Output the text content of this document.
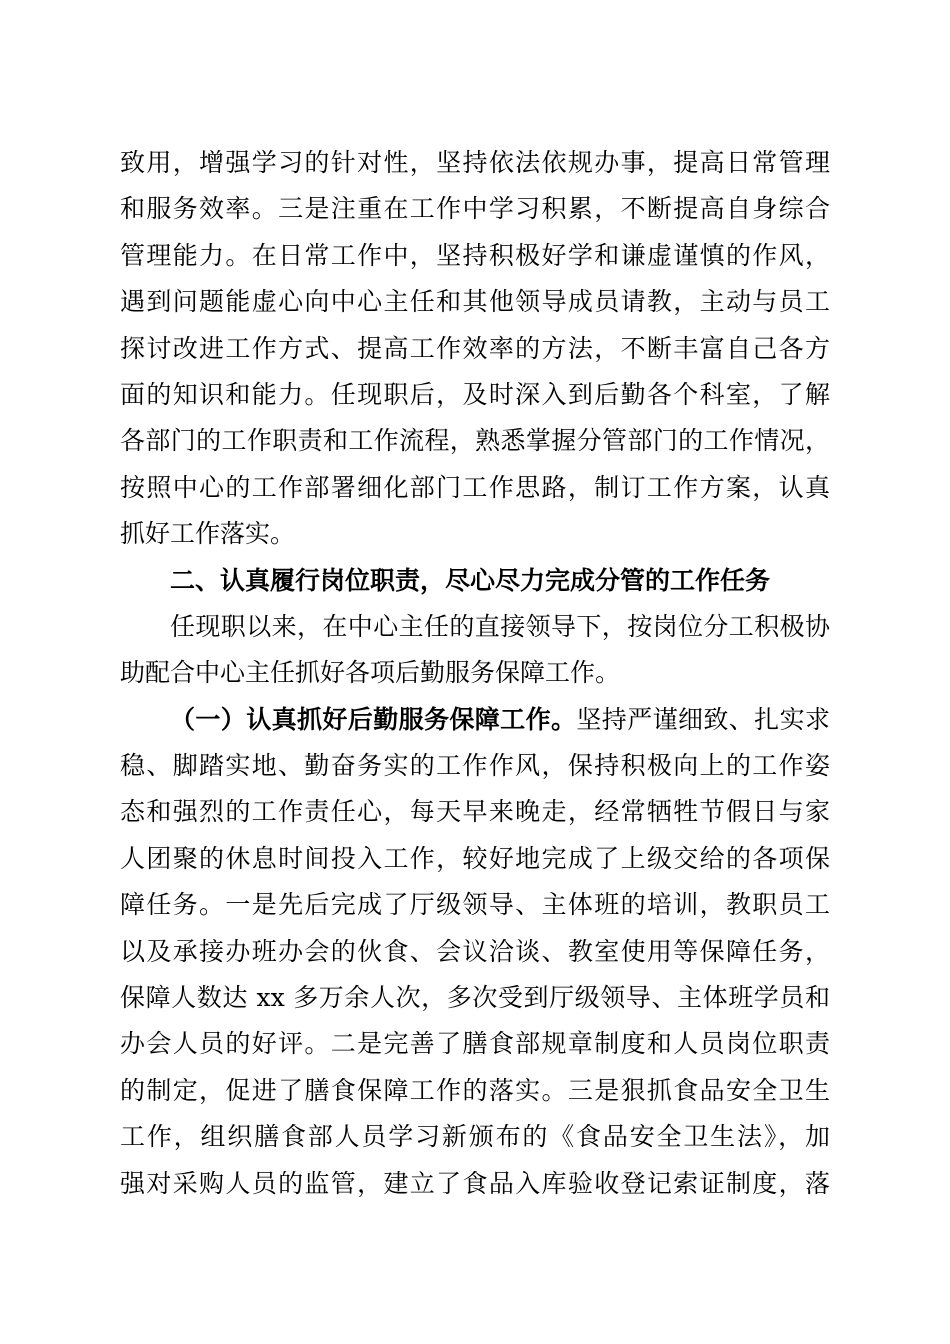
致用，增强学习的针对性，坚持依法依规办事，提高日常管理
和服务效率。三是注重在工作中学习积累，不断提高自身综合
管理能力。在日常工作中，坚持积极好学和谦虚谨慎的作风，
遇到问题能虚心向中心主任和其他领导成员请教，主动与员工
探讨改进工作方式、提高工作效率的方法，不断丰富自己各方
面的知识和能力。任现职后，及时深入到后勤各个科室，了解
各部门的工作职责和工作流程，熟悉掌握分管部门的工作情况，
按照中心的工作部署细化部门工作思路，制订工作方案，认真
抓好工作落实。
二、认真履行岗位职责，尽心尽力完成分管的工作任务
任现职以来，在中心主任的直接领导下，按岗位分工积极协
助配合中心主任抓好各项后勤服务保障工作。
（一）认真抓好后勤服务保障工作。坚持严谨细致、扎实求
稳、脚踏实地、勤奋务实的工作作风，保持积极向上的工作姿
态和强烈的工作责任心，每天早来晚走，经常牺牲节假日与家
人团聚的休息时间投入工作，较好地完成了上级交给的各项保
障任务。一是先后完成了厅级领导、主体班的培训，教职员工
以及承接办班办会的伙食、会议洽谈、教室使用等保障任务，
保障人数达 xx 多万余人次，多次受到厅级领导、主体班学员和
办会人员的好评。二是完善了膳食部规章制度和人员岗位职责
的制定，促进了膳食保障工作的落实。三是狠抓食品安全卫生
工作，组织膳食部人员学习新颁布的《食品安全卫生法》，加
强对采购人员的监管，建立了食品入库验收登记索证制度，落
